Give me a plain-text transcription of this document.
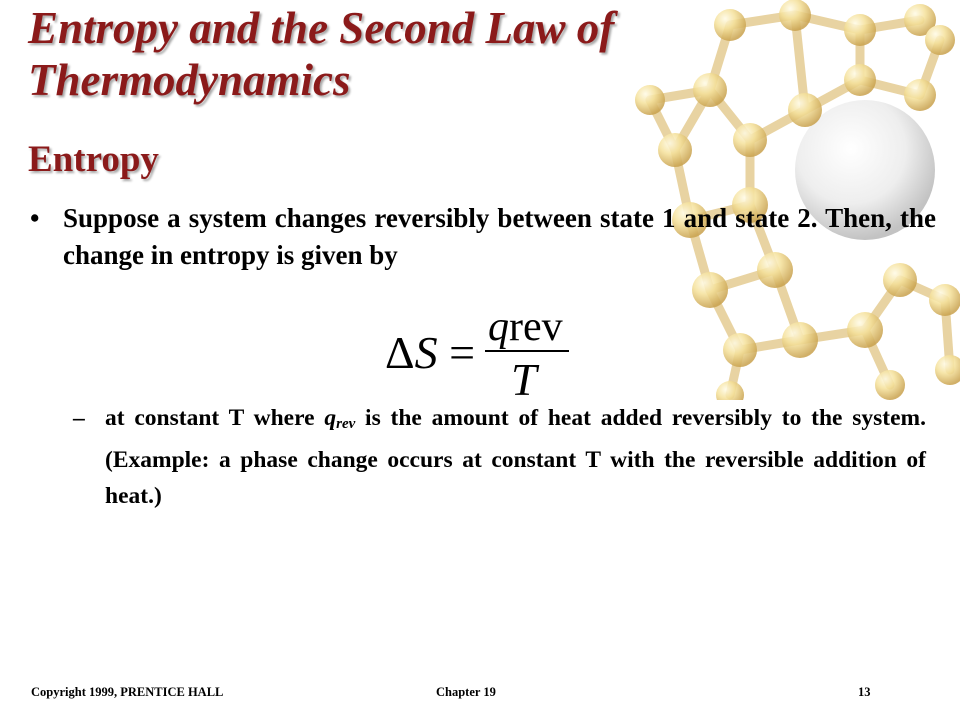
Entropy and the Second Law of Thermodynamics
Entropy
• Suppose a system changes reversibly between state 1 and state 2. Then, the change in entropy is given by
ΔS = qrev
T
– at constant T where $q_{rev}$ is the amount of heat added reversibly to the system. (Example: a phase change occurs at constant T with the reversible addition of heat.)
Copyright 1999, PRENTICE HALL	Chapter 19	13
